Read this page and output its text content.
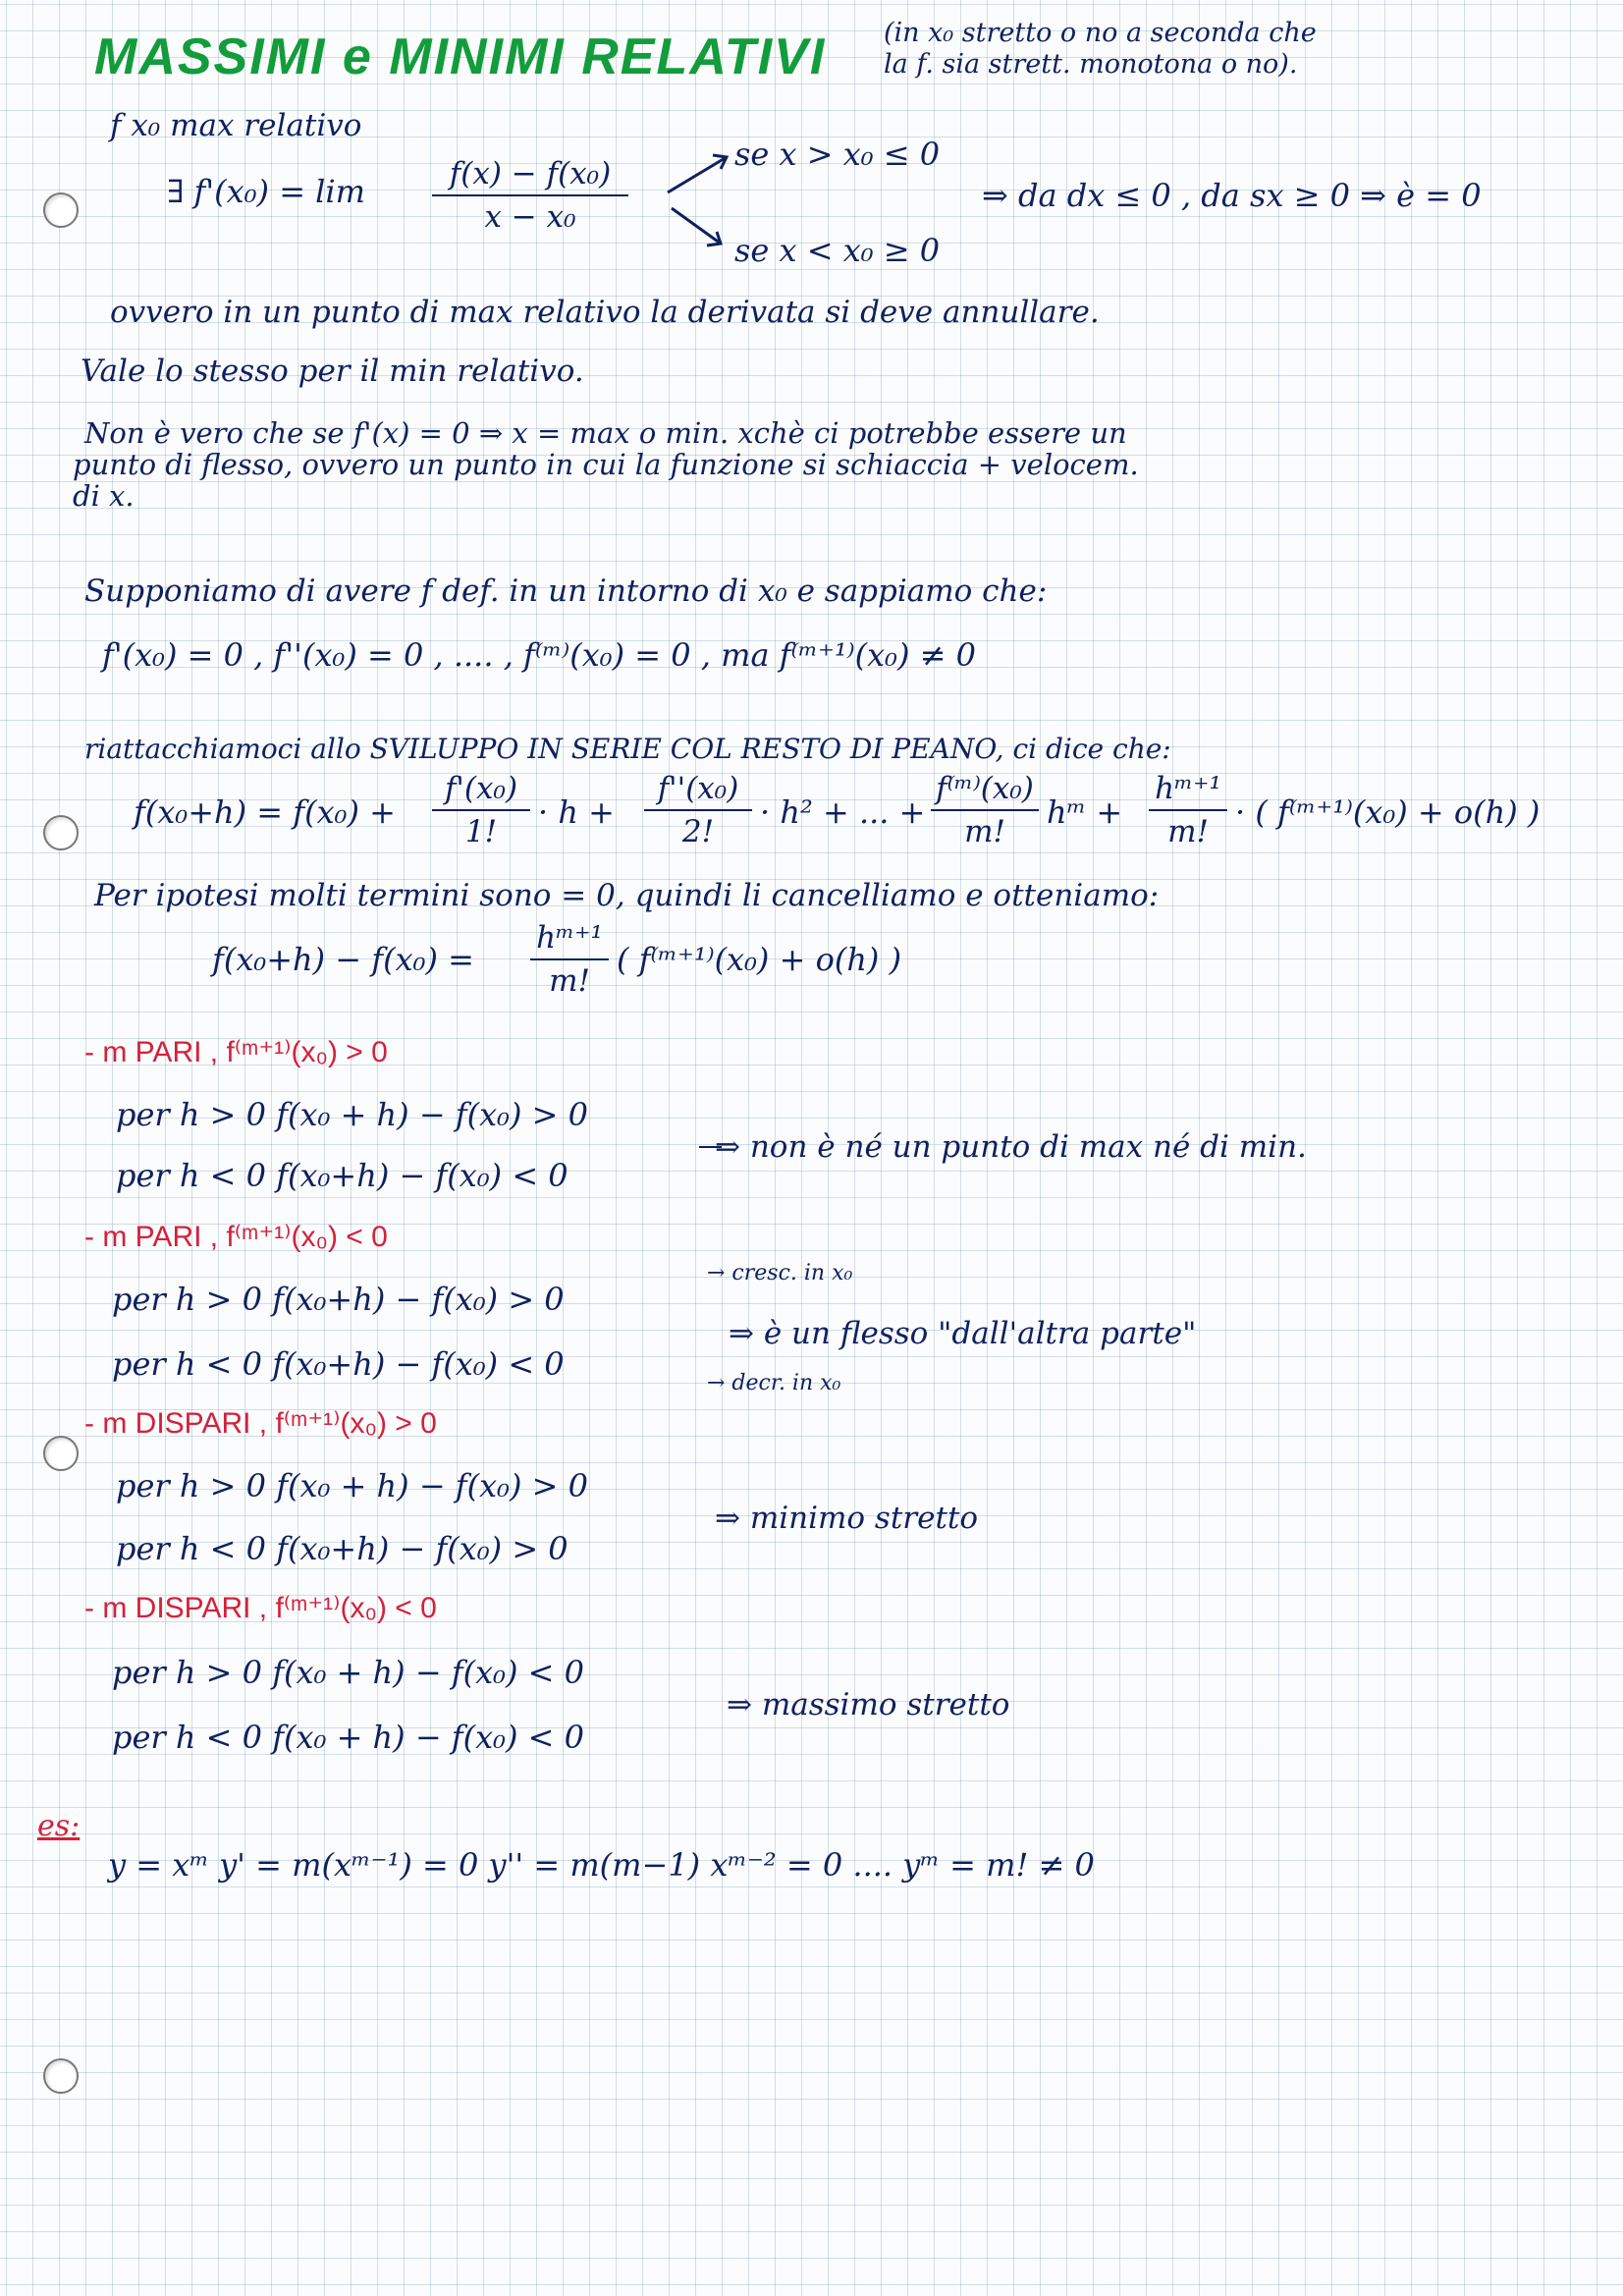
MASSIMI e MINIMI RELATIVI (in x₀ stretto o no a seconda che
la f. sia strett. monotona o no).
f x₀ max relativo
∃ f'(x₀) = lim	f(x) − f(x₀)
x − x₀
se x > x₀ ≤ 0
se x < x₀ ≥ 0
⇒ da dx ≤ 0 , da sx ≥ 0 ⇒ è = 0
ovvero in un punto di max relativo la derivata si deve annullare.
Vale lo stesso per il min relativo.
Non è vero che se f'(x) = 0 ⇒ x = max o min. xchè ci potrebbe essere un
punto di flesso, ovvero un punto in cui la funzione si schiaccia + velocem.
di x.
Supponiamo di avere f def. in un intorno di x₀ e sappiamo che:
f'(x₀) = 0 , f''(x₀) = 0 , .... , f⁽ᵐ⁾(x₀) = 0 , ma f⁽ᵐ⁺¹⁾(x₀) ≠ 0
riattacchiamoci allo SVILUPPO IN SERIE COL RESTO DI PEANO, ci dice che:
f(x₀+h) = f(x₀) +
f'(x₀)
1!
· h +
f''(x₀)
2!
· h² + ... +
f⁽ᵐ⁾(x₀)
m!
hᵐ +
hᵐ⁺¹
m!
· ( f⁽ᵐ⁺¹⁾(x₀) + o(h) )
Per ipotesi molti termini sono = 0, quindi li cancelliamo e otteniamo:
f(x₀+h) − f(x₀) =
hᵐ⁺¹
m!
( f⁽ᵐ⁺¹⁾(x₀) + o(h) )
- m PARI , f⁽ᵐ⁺¹⁾(x₀) > 0
per h > 0 f(x₀ + h) − f(x₀) > 0
per h < 0 f(x₀+h) − f(x₀) < 0
⇒ non è né un punto di max né di min.
- m PARI , f⁽ᵐ⁺¹⁾(x₀) < 0
per h > 0 f(x₀+h) − f(x₀) > 0
per h < 0 f(x₀+h) − f(x₀) < 0
→ cresc. in x₀
→ decr. in x₀
⇒ è un flesso "dall'altra parte"
- m DISPARI , f⁽ᵐ⁺¹⁾(x₀) > 0
per h > 0 f(x₀ + h) − f(x₀) > 0
per h < 0 f(x₀+h) − f(x₀) > 0
⇒ minimo stretto
- m DISPARI , f⁽ᵐ⁺¹⁾(x₀) < 0
per h > 0 f(x₀ + h) − f(x₀) < 0
per h < 0 f(x₀ + h) − f(x₀) < 0
⇒ massimo stretto
es:
y = xᵐ y' = m(xᵐ⁻¹) = 0 y'' = m(m−1) xᵐ⁻² = 0 .... yᵐ = m! ≠ 0
